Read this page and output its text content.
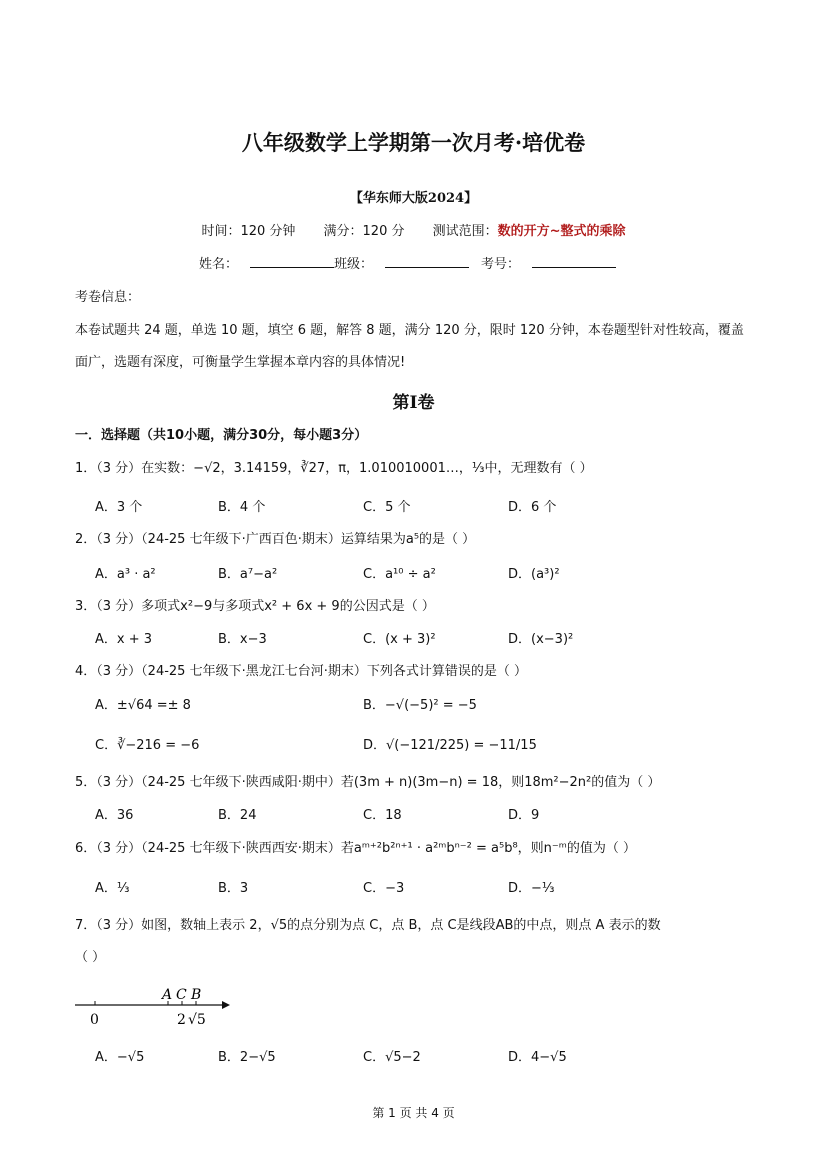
八年级数学上学期第一次月考·培优卷
【华东师大版2024】
时间：120 分钟 满分：120 分 测试范围：数的开方~整式的乘除
姓名：	班级：	考号：
考卷信息：
本卷试题共 24 题，单选 10 题，填空 6 题，解答 8 题，满分 120 分，限时 120 分钟，本卷题型针对性较高，覆盖
面广，选题有深度，可衡量学生掌握本章内容的具体情况!
第Ⅰ卷
一．选择题（共10小题，满分30分，每小题3分）
1．（3 分）在实数：−√2，3.14159，∛27，π，1.010010001…，⅓中，无理数有（ ）
A．3 个	B．4 个	C．5 个	D．6 个
2．（3 分）（24-25 七年级下·广西百色·期末）运算结果为a⁵的是（ ）
A．a³ · a²	B．a⁷−a²	C．a¹⁰ ÷ a²	D．(a³)²
3．（3 分）多项式x²−9与多项式x² + 6x + 9的公因式是（ ）
A．x + 3	B．x−3	C．(x + 3)²	D．(x−3)²
4．（3 分）（24-25 七年级下·黑龙江七台河·期末）下列各式计算错误的是（ ）
A．±√64 =± 8	B．−√(−5)² = −5
C．∛−216 = −6	D．√(−121/225) = −11/15
5．（3 分）（24-25 七年级下·陕西咸阳·期中）若(3m + n)(3m−n) = 18，则18m²−2n²的值为（ ）
A．36	B．24	C．18	D．9
6．（3 分）（24-25 七年级下·陕西西安·期末）若aᵐ⁺²b²ⁿ⁺¹ · a²ᵐbⁿ⁻² = a⁵b⁸，则n⁻ᵐ的值为（ ）
A．⅓	B．3	C．−3	D．−⅓
7．（3 分）如图，数轴上表示 2，√5的点分别为点 C，点 B，点 C是线段AB的中点，则点 A 表示的数
（ ）
A．−√5	B．2−√5	C．√5−2	D．4−√5
A C B
0	2 √5
第 1 页 共 4 页
